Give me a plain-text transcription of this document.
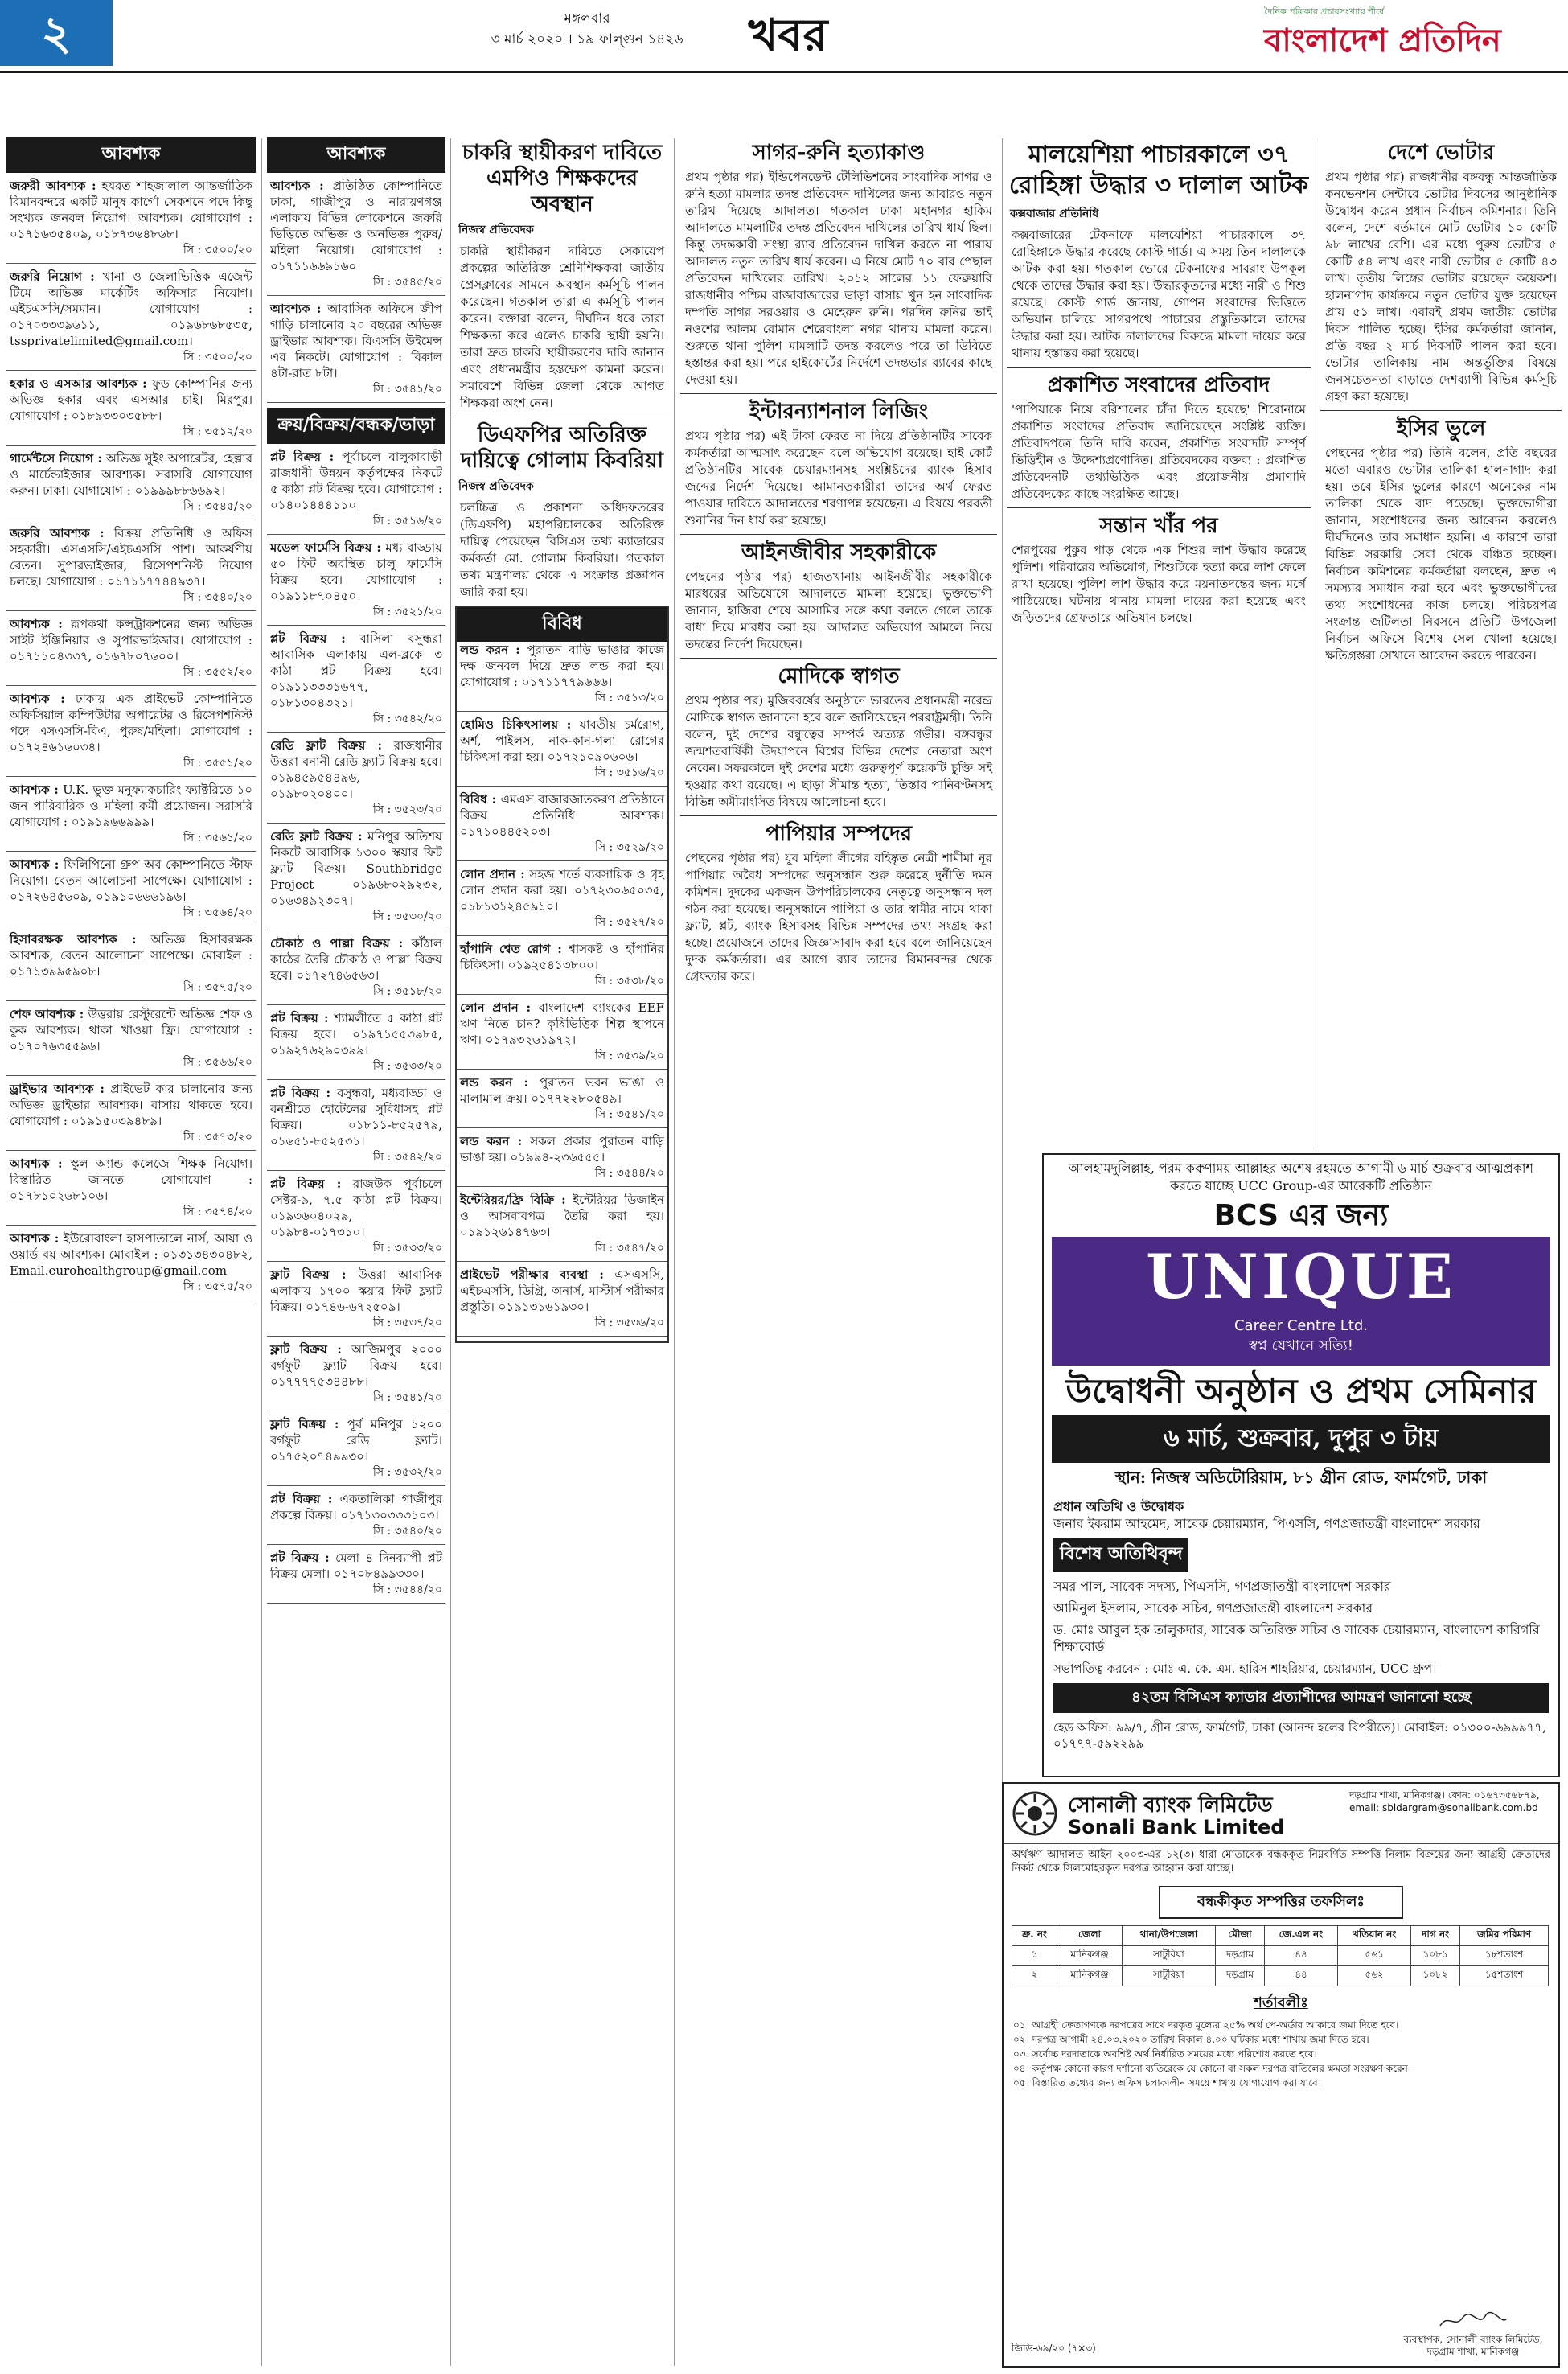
২	মঙ্গলবার
৩ মার্চ ২০২০ । ১৯ ফাল্গুন ১৪২৬	খবর	দৈনিক পত্রিকার প্রচারসংখ্যায় শীর্ষে
বাংলাদেশ প্রতিদিন
আবশ্যক
জরুরী আবশ্যক : হযরত শাহজালাল আন্তর্জাতিক বিমানবন্দরে একটি মানুষ কার্গো সেকশনে পদে কিছু সংখ্যক জনবল নিয়োগ। আবশ্যক। যোগাযোগ : ০১৭১৬৩৫৪০৯, ০১৮৭৩৬৪৮৬৮।
সি : ৩৫০০/২০
জরুরি নিয়োগ : খানা ও জেলাভিত্তিক এজেন্ট টিমে অভিজ্ঞ মার্কেটিং অফিসার নিয়োগ। এইচএসসি/সমমান। যোগাযোগ : ০১৭০৩৩৩৯৬১১, ০১৯৬৮৬৮৫৩৫, tssprivatelimited@gmail.com।
সি : ৩৫০০/২০
হকার ও এসআর আবশ্যক : ফুড কোম্পানির জন্য অভিজ্ঞ হকার এবং এসআর চাই। মিরপুর। যোগাযোগ : ০১৮৯৩৩০৩৫৮৮।
সি : ৩৫১২/২০
গার্মেন্টসে নিয়োগ : অভিজ্ঞ সুইং অপারেটর, হেল্পার ও মার্চেন্ডাইজার আবশ্যক। সরাসরি যোগাযোগ করুন। ঢাকা। যোগাযোগ : ০১৯৯৯৮৮৬৬৯২।
সি : ৩৫৪৫/২০
জরুরি আবশ্যক : বিক্রয় প্রতিনিধি ও অফিস সহকারী। এসএসসি/এইচএসসি পাশ। আকর্ষণীয় বেতন। সুপারভাইজার, রিসেপশনিস্ট নিয়োগ চলছে। যোগাযোগ : ০১৭১১৭৭৪৪৯৩৭।
সি : ৩৫৪০/২০
আবশ্যক : রূপকথা কন্সট্রাকশনের জন্য অভিজ্ঞ সাইট ইঞ্জিনিয়ার ও সুপারভাইজার। যোগাযোগ : ০১৭১১০৪৩৩৭, ০১৬৭৮০৭৬০০।
সি : ৩৫৫২/২০
আবশ্যক : ঢাকায় এক প্রাইভেট কোম্পানিতে অফিসিয়াল কম্পিউটার অপারেটর ও রিসেপশনিস্ট পদে এসএসসি-বিএ, পুরুষ/মহিলা। যোগাযোগ : ০১৭২৪৬১৬০৩৪।
সি : ৩৫৫১/২০
আবশ্যক : U.K. ভুক্ত মনুফ্যাকচারিং ফ্যাক্টরিতে ১০ জন পারিবারিক ও মহিলা কর্মী প্রয়োজন। সরাসরি যোগাযোগ : ০১৯১৯৬৬৯৯৯।
সি : ৩৫৬১/২০
আবশ্যক : ফিলিপিনো গ্রুপ অব কোম্পানিতে স্টাফ নিয়োগ। বেতন আলোচনা সাপেক্ষে। যোগাযোগ : ০১৭২৬৪৫৬০৯, ০১৯১০৬৬৬১৯৬।
সি : ৩৫৬৪/২০
হিসাবরক্ষক আবশ্যক : অভিজ্ঞ হিসাবরক্ষক আবশ্যক, বেতন আলোচনা সাপেক্ষে। মোবাইল : ০১৭১৩৯৯৫৯০৮।
সি : ৩৫৭৫/২০
শেফ আবশ্যক : উত্তরায় রেস্টুরেন্টে অভিজ্ঞ শেফ ও কুক আবশ্যক। থাকা খাওয়া ফ্রি। যোগাযোগ : ০১৭০৭৬৩৫৫৯৬।
সি : ৩৫৬৬/২০
ড্রাইভার আবশ্যক : প্রাইভেট কার চালানোর জন্য অভিজ্ঞ ড্রাইভার আবশ্যক। বাসায় থাকতে হবে। যোগাযোগ : ০১৯১৫০৩৯৪৮৯।
সি : ৩৫৭৩/২০
আবশ্যক : স্কুল অ্যান্ড কলেজে শিক্ষক নিয়োগ। বিস্তারিত জানতে যোগাযোগ : ০১৭৮১০২৬৮১০৬।
সি : ৩৫৭৪/২০
আবশ্যক : ইউরোবাংলা হাসপাতালে নার্স, আয়া ও ওয়ার্ড বয় আবশ্যক। মোবাইল : ০১৩১৩৪৩০৪৮২, Email.eurohealthgroup@gmail.com
সি : ৩৫৭৫/২০
আবশ্যক
আবশ্যক : প্রতিষ্ঠিত কোম্পানিতে ঢাকা, গাজীপুর ও নারায়ণগঞ্জ এলাকায় বিভিন্ন লোকেশনে জরুরি ভিত্তিতে অভিজ্ঞ ও অনভিজ্ঞ পুরুষ/মহিলা নিয়োগ। যোগাযোগ : ০১৭১১৬৬৯১৬০।
সি : ৩৫৪৫/২০
আবশ্যক : আবাসিক অফিসে জীপ গাড়ি চালানোর ২০ বছরের অভিজ্ঞ ড্রাইভার আবশ্যক। বিএসসি উইমেন্স এর নিকটে। যোগাযোগ : বিকাল ৪টা-রাত ৮টা।
সি : ৩৫৪১/২০
ক্রয়/বিক্রয়/বন্ধক/ভাড়া
প্লট বিক্রয় : পূর্বাচলে বালুকাবাড়ী রাজধানী উন্নয়ন কর্তৃপক্ষের নিকটে ৫ কাঠা প্লট বিক্রয় হবে। যোগাযোগ : ০১৪০১৪৪৪১১০।
সি : ৩৫১৬/২০
মডেল ফার্মেসি বিক্রয় : মধ্য বাড্ডায় ৫০ ফিট অবস্থিত চালু ফার্মেসি বিক্রয় হবে। যোগাযোগ : ০১৯১১৮৭০৪৫০।
সি : ৩৫২১/২০
প্লট বিক্রয় : বাসিলা বসুন্ধরা আবাসিক এলাকায় এল-ব্লকে ৩ কাঠা প্লট বিক্রয় হবে। ০১৯১১৩৩৩১৬৭৭, ০১৮১৩০৪৩২১।
সি : ৩৫৪২/২০
রেডি ফ্লাট বিক্রয় : রাজধানীর উত্তরা বনানী রেডি ফ্ল্যাট বিক্রয় হবে। ০১৯৪৫৯৫৪৪৯৬, ০১৯৮০২০৪০০।
সি : ৩৫২৩/২০
রেডি ফ্লাট বিক্রয় : মনিপুর অতিশয় নিকটে আবাসিক ১৩০০ স্কয়ার ফিট ফ্ল্যাট বিক্রয়। Southbridge Project ০১৯৬৮০২৯২৩২, ০১৬৩৪৯২৩০৭।
সি : ৩৫৩০/২০
চৌকাঠ ও পাল্লা বিক্রয় : কাঁঠাল কাঠের তৈরি চৌকাঠ ও পাল্লা বিক্রয় হবে। ০১৭২৭৪৬৫৬৩।
সি : ৩৫১৮/২০
প্লট বিক্রয় : শ্যামলীতে ৫ কাঠা প্লট বিক্রয় হবে। ০১৯৭১৫৫৩৯৮৫, ০১৯২৭৬২৯০৩৯৯।
সি : ৩৫৩৩/২০
প্লট বিক্রয় : বসুন্ধরা, মধ্যবাড্ডা ও বনশ্রীতে হোটেলের সুবিধাসহ প্লট বিক্রয়। ০১৮১১-৮৫২৫৭৯, ০১৬৫১-৮৫২৫৩১।
সি : ৩৫৪২/২০
প্লট বিক্রয় : রাজউক পূর্বাচলে সেক্টর-৯, ৭.৫ কাঠা প্লট বিক্রয়। ০১৯৩৬০৪০২৯, ০১৯৮৪-০১৭৩১০।
সি : ৩৫৩৩/২০
ফ্লাট বিক্রয় : উত্তরা আবাসিক এলাকায় ১৭০০ স্কয়ার ফিট ফ্ল্যাট বিক্রয়। ০১৭৪৬-৬৭২৫০৯।
সি : ৩৫৩৭/২০
ফ্লাট বিক্রয় : আজিমপুর ২০০০ বর্গফুট ফ্ল্যাট বিক্রয় হবে। ০১৭৭৭৭৫৩৪৪৮৮।
সি : ৩৫৪১/২০
ফ্লাট বিক্রয় : পূর্ব মনিপুর ১২০০ বর্গফুট রেডি ফ্ল্যাট। ০১৭৫২০৭৪৯৯৩০।
সি : ৩৫৩২/২০
প্লট বিক্রয় : একতালিকা গাজীপুর প্রকল্পে বিক্রয়। ০১৭১৩০৩৩৩১০৩।
সি : ৩৫৪০/২০
প্লট বিক্রয় : মেলা ৪ দিনব্যাপী প্লট বিক্রয় মেলা। ০১৭০৮৪৯৯৩৩০।
সি : ৩৫৪৪/২০
চাকরি স্থায়ীকরণ দাবিতে এমপিও শিক্ষকদের অবস্থান
নিজস্ব প্রতিবেদক

চাকরি স্থায়ীকরণ দাবিতে সেকায়েপ প্রকল্পের অতিরিক্ত শ্রেণিশিক্ষকরা জাতীয় প্রেসক্লাবের সামনে অবস্থান কর্মসূচি পালন করেছেন। গতকাল তারা এ কর্মসূচি পালন করেন। বক্তারা বলেন, দীর্ঘদিন ধরে তারা শিক্ষকতা করে এলেও চাকরি স্থায়ী হয়নি। তারা দ্রুত চাকরি স্থায়ীকরণের দাবি জানান এবং প্রধানমন্ত্রীর হস্তক্ষেপ কামনা করেন। সমাবেশে বিভিন্ন জেলা থেকে আগত শিক্ষকরা অংশ নেন।

ডিএফপির অতিরিক্ত দায়িত্বে গোলাম কিবরিয়া
নিজস্ব প্রতিবেদক

চলচ্চিত্র ও প্রকাশনা অধিদফতরের (ডিএফপি) মহাপরিচালকের অতিরিক্ত দায়িত্ব পেয়েছেন বিসিএস তথ্য ক্যাডারের কর্মকর্তা মো. গোলাম কিবরিয়া। গতকাল তথ্য মন্ত্রণালয় থেকে এ সংক্রান্ত প্রজ্ঞাপন জারি করা হয়।

বিবিধ
লন্ড করন : পুরাতন বাড়ি ভাঙার কাজে দক্ষ জনবল দিয়ে দ্রুত লন্ড করা হয়। যোগাযোগ : ০১৭১১৭৭৯৬৬৬।
সি : ৩৫১৩/২০
হোমিও চিকিৎসালয় : যাবতীয় চর্মরোগ, অর্শ, পাইলস, নাক-কান-গলা রোগের চিকিৎসা করা হয়। ০১৭২১০৯০৬০৬।
সি : ৩৫১৬/২০
বিবিধ : এমএস বাজারজাতকরণ প্রতিষ্ঠানে বিক্রয় প্রতিনিধি আবশ্যক। ০১৭১০৪৪৫২০৩।
সি : ৩৫২৯/২০
লোন প্রদান : সহজ শর্তে ব্যবসায়িক ও গৃহ লোন প্রদান করা হয়। ০১৭২৩০৬৫০৩৫, ০১৮১৩১২৪৫৯১০।
সি : ৩৫২৭/২০
হাঁপানি শ্বেত রোগ : শ্বাসকষ্ট ও হাঁপানির চিকিৎসা। ০১৯২৫৪১৩৮০০।
সি : ৩৫৩৮/২০
লোন প্রদান : বাংলাদেশ ব্যাংকের EEF ঋণ নিতে চান? কৃষিভিত্তিক শিল্প স্থাপনে ঋণ। ০১৭৯৩২৬১৯৭২।
সি : ৩৫৩৯/২০
লন্ড করন : পুরাতন ভবন ভাঙা ও মালামাল ক্রয়। ০১৭৭২২৮০৫৪৯।
সি : ৩৫৪১/২০
লন্ড করন : সকল প্রকার পুরাতন বাড়ি ভাঙা হয়। ০১৯৯৪-২৩৬৫৫৫।
সি : ৩৫৪৪/২০
ইন্টেরিয়র/ফ্রি বিক্রি : ইন্টেরিয়র ডিজাইন ও আসবাবপত্র তৈরি করা হয়। ০১৯১২৬১৪৭৬৩।
সি : ৩৫৪৭/২০
প্রাইভেট পরীক্ষার ব্যবস্থা : এসএসসি, এইচএসসি, ডিগ্রি, অনার্স, মাস্টার্স পরীক্ষার প্রস্তুতি। ০১৯১৩১৬১৯৩০।
সি : ৩৫৩৬/২০
সাগর-রুনি হত্যাকাণ্ড

প্রথম পৃষ্ঠার পর) ইন্ডিপেনডেন্ট টেলিভিশনের সাংবাদিক সাগর ও রুনি হত্যা মামলার তদন্ত প্রতিবেদন দাখিলের জন্য আবারও নতুন তারিখ দিয়েছে আদালত। গতকাল ঢাকা মহানগর হাকিম আদালতে মামলাটির তদন্ত প্রতিবেদন দাখিলের তারিখ ধার্য ছিল। কিন্তু তদন্তকারী সংস্থা র‍্যাব প্রতিবেদন দাখিল করতে না পারায় আদালত নতুন তারিখ ধার্য করেন। এ নিয়ে মোট ৭০ বার পেছাল প্রতিবেদন দাখিলের তারিখ। ২০১২ সালের ১১ ফেব্রুয়ারি রাজধানীর পশ্চিম রাজাবাজারের ভাড়া বাসায় খুন হন সাংবাদিক দম্পতি সাগর সরওয়ার ও মেহেরুন রুনি। পরদিন রুনির ভাই নওশের আলম রোমান শেরেবাংলা নগর থানায় মামলা করেন। শুরুতে থানা পুলিশ মামলাটি তদন্ত করলেও পরে তা ডিবিতে হস্তান্তর করা হয়। পরে হাইকোর্টের নির্দেশে তদন্তভার র‍্যাবের কাছে দেওয়া হয়।

ইন্টারন্যাশনাল লিজিং

প্রথম পৃষ্ঠার পর) এই টাকা ফেরত না দিয়ে প্রতিষ্ঠানটির সাবেক কর্মকর্তারা আত্মসাৎ করেছেন বলে অভিযোগ রয়েছে। হাই কোর্ট প্রতিষ্ঠানটির সাবেক চেয়ারম্যানসহ সংশ্লিষ্টদের ব্যাংক হিসাব জব্দের নির্দেশ দিয়েছে। আমানতকারীরা তাদের অর্থ ফেরত পাওয়ার দাবিতে আদালতের শরণাপন্ন হয়েছেন। এ বিষয়ে পরবর্তী শুনানির দিন ধার্য করা হয়েছে।

আইনজীবীর সহকারীকে

পেছনের পৃষ্ঠার পর) হাজতখানায় আইনজীবীর সহকারীকে মারধরের অভিযোগে আদালতে মামলা হয়েছে। ভুক্তভোগী জানান, হাজিরা শেষে আসামির সঙ্গে কথা বলতে গেলে তাকে বাধা দিয়ে মারধর করা হয়। আদালত অভিযোগ আমলে নিয়ে তদন্তের নির্দেশ দিয়েছেন।

মোদিকে স্বাগত

প্রথম পৃষ্ঠার পর) মুজিববর্ষের অনুষ্ঠানে ভারতের প্রধানমন্ত্রী নরেন্দ্র মোদিকে স্বাগত জানানো হবে বলে জানিয়েছেন পররাষ্ট্রমন্ত্রী। তিনি বলেন, দুই দেশের বন্ধুত্বের সম্পর্ক অত্যন্ত গভীর। বঙ্গবন্ধুর জন্মশতবার্ষিকী উদযাপনে বিশ্বের বিভিন্ন দেশের নেতারা অংশ নেবেন। সফরকালে দুই দেশের মধ্যে গুরুত্বপূর্ণ কয়েকটি চুক্তি সই হওয়ার কথা রয়েছে। এ ছাড়া সীমান্ত হত্যা, তিস্তার পানিবণ্টনসহ বিভিন্ন অমীমাংসিত বিষয়ে আলোচনা হবে।

পাপিয়ার সম্পদের

পেছনের পৃষ্ঠার পর) যুব মহিলা লীগের বহিষ্কৃত নেত্রী শামীমা নূর পাপিয়ার অবৈধ সম্পদের অনুসন্ধান শুরু করেছে দুর্নীতি দমন কমিশন। দুদকের একজন উপপরিচালকের নেতৃত্বে অনুসন্ধান দল গঠন করা হয়েছে। অনুসন্ধানে পাপিয়া ও তার স্বামীর নামে থাকা ফ্ল্যাট, প্লট, ব্যাংক হিসাবসহ বিভিন্ন সম্পদের তথ্য সংগ্রহ করা হচ্ছে। প্রয়োজনে তাদের জিজ্ঞাসাবাদ করা হবে বলে জানিয়েছেন দুদক কর্মকর্তারা। এর আগে র‍্যাব তাদের বিমানবন্দর থেকে গ্রেফতার করে।

মালয়েশিয়া পাচারকালে ৩৭ রোহিঙ্গা উদ্ধার ৩ দালাল আটক
কক্সবাজার প্রতিনিধি

কক্সবাজারের টেকনাফে মালয়েশিয়া পাচারকালে ৩৭ রোহিঙ্গাকে উদ্ধার করেছে কোস্ট গার্ড। এ সময় তিন দালালকে আটক করা হয়। গতকাল ভোরে টেকনাফের সাবরাং উপকূল থেকে তাদের উদ্ধার করা হয়। উদ্ধারকৃতদের মধ্যে নারী ও শিশু রয়েছে। কোস্ট গার্ড জানায়, গোপন সংবাদের ভিত্তিতে অভিযান চালিয়ে সাগরপথে পাচারের প্রস্তুতিকালে তাদের উদ্ধার করা হয়। আটক দালালদের বিরুদ্ধে মামলা দায়ের করে থানায় হস্তান্তর করা হয়েছে।

প্রকাশিত সংবাদের প্রতিবাদ

'পাপিয়াকে নিয়ে বরিশালের চাঁদা দিতে হয়েছে' শিরোনামে প্রকাশিত সংবাদের প্রতিবাদ জানিয়েছেন সংশ্লিষ্ট ব্যক্তি। প্রতিবাদপত্রে তিনি দাবি করেন, প্রকাশিত সংবাদটি সম্পূর্ণ ভিত্তিহীন ও উদ্দেশ্যপ্রণোদিত। প্রতিবেদকের বক্তব্য : প্রকাশিত প্রতিবেদনটি তথ্যভিত্তিক এবং প্রয়োজনীয় প্রমাণাদি প্রতিবেদকের কাছে সংরক্ষিত আছে।

সন্তান খাঁর পর

শেরপুরের পুকুর পাড় থেকে এক শিশুর লাশ উদ্ধার করেছে পুলিশ। পরিবারের অভিযোগ, শিশুটিকে হত্যা করে লাশ ফেলে রাখা হয়েছে। পুলিশ লাশ উদ্ধার করে ময়নাতদন্তের জন্য মর্গে পাঠিয়েছে। ঘটনায় থানায় মামলা দায়ের করা হয়েছে এবং জড়িতদের গ্রেফতারে অভিযান চলছে।

দেশে ভোটার

প্রথম পৃষ্ঠার পর) রাজধানীর বঙ্গবন্ধু আন্তর্জাতিক কনভেনশন সেন্টারে ভোটার দিবসের আনুষ্ঠানিক উদ্বোধন করেন প্রধান নির্বাচন কমিশনার। তিনি বলেন, দেশে বর্তমানে মোট ভোটার ১০ কোটি ৯৮ লাখের বেশি। এর মধ্যে পুরুষ ভোটার ৫ কোটি ৫৪ লাখ এবং নারী ভোটার ৫ কোটি ৪৩ লাখ। তৃতীয় লিঙ্গের ভোটার রয়েছেন কয়েকশ। হালনাগাদ কার্যক্রমে নতুন ভোটার যুক্ত হয়েছেন প্রায় ৫১ লাখ। এবারই প্রথম জাতীয় ভোটার দিবস পালিত হচ্ছে। ইসির কর্মকর্তারা জানান, প্রতি বছর ২ মার্চ দিবসটি পালন করা হবে। ভোটার তালিকায় নাম অন্তর্ভুক্তির বিষয়ে জনসচেতনতা বাড়াতে দেশব্যাপী বিভিন্ন কর্মসূচি গ্রহণ করা হয়েছে।

ইসির ভুলে

পেছনের পৃষ্ঠার পর) তিনি বলেন, প্রতি বছরের মতো এবারও ভোটার তালিকা হালনাগাদ করা হয়। তবে ইসির ভুলের কারণে অনেকের নাম তালিকা থেকে বাদ পড়েছে। ভুক্তভোগীরা জানান, সংশোধনের জন্য আবেদন করলেও দীর্ঘদিনেও তার সমাধান হয়নি। এ কারণে তারা বিভিন্ন সরকারি সেবা থেকে বঞ্চিত হচ্ছেন। নির্বাচন কমিশনের কর্মকর্তারা বলছেন, দ্রুত এ সমস্যার সমাধান করা হবে এবং ভুক্তভোগীদের তথ্য সংশোধনের কাজ চলছে। পরিচয়পত্র সংক্রান্ত জটিলতা নিরসনে প্রতিটি উপজেলা নির্বাচন অফিসে বিশেষ সেল খোলা হয়েছে। ক্ষতিগ্রস্তরা সেখানে আবেদন করতে পারবেন।

আলহামদুলিল্লাহ, পরম করুণাময় আল্লাহর অশেষ রহমতে আগামী ৬ মার্চ শুক্রবার আত্মপ্রকাশ করতে যাচ্ছে UCC Group-এর আরেকটি প্রতিষ্ঠান
BCS এর জন্য
UNIQUE
Career Centre Ltd.
স্বপ্ন যেখানে সত্যি!
উদ্বোধনী অনুষ্ঠান ও প্রথম সেমিনার
৬ মার্চ, শুক্রবার, দুপুর ৩ টায়
স্থান: নিজস্ব অডিটোরিয়াম, ৮১ গ্রীন রোড, ফার্মগেট, ঢাকা
প্রধান অতিথি ও উদ্বোধক
জনাব ইকরাম আহমেদ, সাবেক চেয়ারম্যান, পিএসসি, গণপ্রজাতন্ত্রী বাংলাদেশ সরকার
বিশেষ অতিথিবৃন্দ
সমর পাল, সাবেক সদস্য, পিএসসি, গণপ্রজাতন্ত্রী বাংলাদেশ সরকার
আমিনুল ইসলাম, সাবেক সচিব, গণপ্রজাতন্ত্রী বাংলাদেশ সরকার
ড. মোঃ আবুল হক তালুকদার, সাবেক অতিরিক্ত সচিব ও সাবেক চেয়ারম্যান, বাংলাদেশ কারিগরি শিক্ষাবোর্ড
সভাপতিত্ব করবেন : মোঃ এ. কে. এম. হারিস শাহরিয়ার, চেয়ারম্যান, UCC গ্রুপ।
৪২তম বিসিএস ক্যাডার প্রত্যাশীদের আমন্ত্রণ জানানো হচ্ছে
হেড অফিস: ৯৯/৭, গ্রীন রোড, ফার্মগেট, ঢাকা (আনন্দ হলের বিপরীতে)। মোবাইল: ০১৩০০-৬৯৯৯৭৭, ০১৭৭৭-৫৯২২৯৯
সোনালী ব্যাংক লিমিটেড
Sonali Bank Limited
দড়গ্রাম শাখা, মানিকগঞ্জ। ফোন: ০১৬৭৩৫৬৮৭৯, email: sbldargram@sonalibank.com.bd
অর্থঋণ আদালত আইন ২০০৩-এর ১২(৩) ধারা মোতাবেক বন্ধককৃত নিম্নবর্ণিত সম্পত্তি নিলাম বিক্রয়ের জন্য আগ্রহী ক্রেতাদের নিকট থেকে সিলমোহরকৃত দরপত্র আহ্বান করা যাচ্ছে।
বন্ধকীকৃত সম্পত্তির তফসিলঃ
ক্র. নং	জেলা	থানা/উপজেলা	মৌজা	জে.এল নং	খতিয়ান নং	দাগ নং	জমির পরিমাণ
১	মানিকগঞ্জ	সাটুরিয়া	দড়গ্রাম	৪৪	৫৬১	১০৮১	১৮শতাংশ
২	মানিকগঞ্জ	সাটুরিয়া	দড়গ্রাম	৪৪	৫৬২	১০৮২	১৫শতাংশ
শর্তাবলীঃ
০১। আগ্রহী ক্রেতাগণকে দরপত্রের সাথে দরকৃত মূল্যের ২৫% অর্থ পে-অর্ডার আকারে জমা দিতে হবে।
০২। দরপত্র আগামী ২৪.০৩.২০২০ তারিখ বিকাল ৪.০০ ঘটিকার মধ্যে শাখায় জমা দিতে হবে।
০৩। সর্বোচ্চ দরদাতাকে অবশিষ্ট অর্থ নির্ধারিত সময়ের মধ্যে পরিশোধ করতে হবে।
০৪। কর্তৃপক্ষ কোনো কারণ দর্শানো ব্যতিরেকে যে কোনো বা সকল দরপত্র বাতিলের ক্ষমতা সংরক্ষণ করেন।
০৫। বিস্তারিত তথ্যের জন্য অফিস চলাকালীন সময়ে শাখায় যোগাযোগ করা যাবে।
জিডি-৬৯/২০ (৭×৩)
ব্যবস্থাপক, সোনালী ব্যাংক লিমিটেড, দড়গ্রাম শাখা, মানিকগঞ্জ
